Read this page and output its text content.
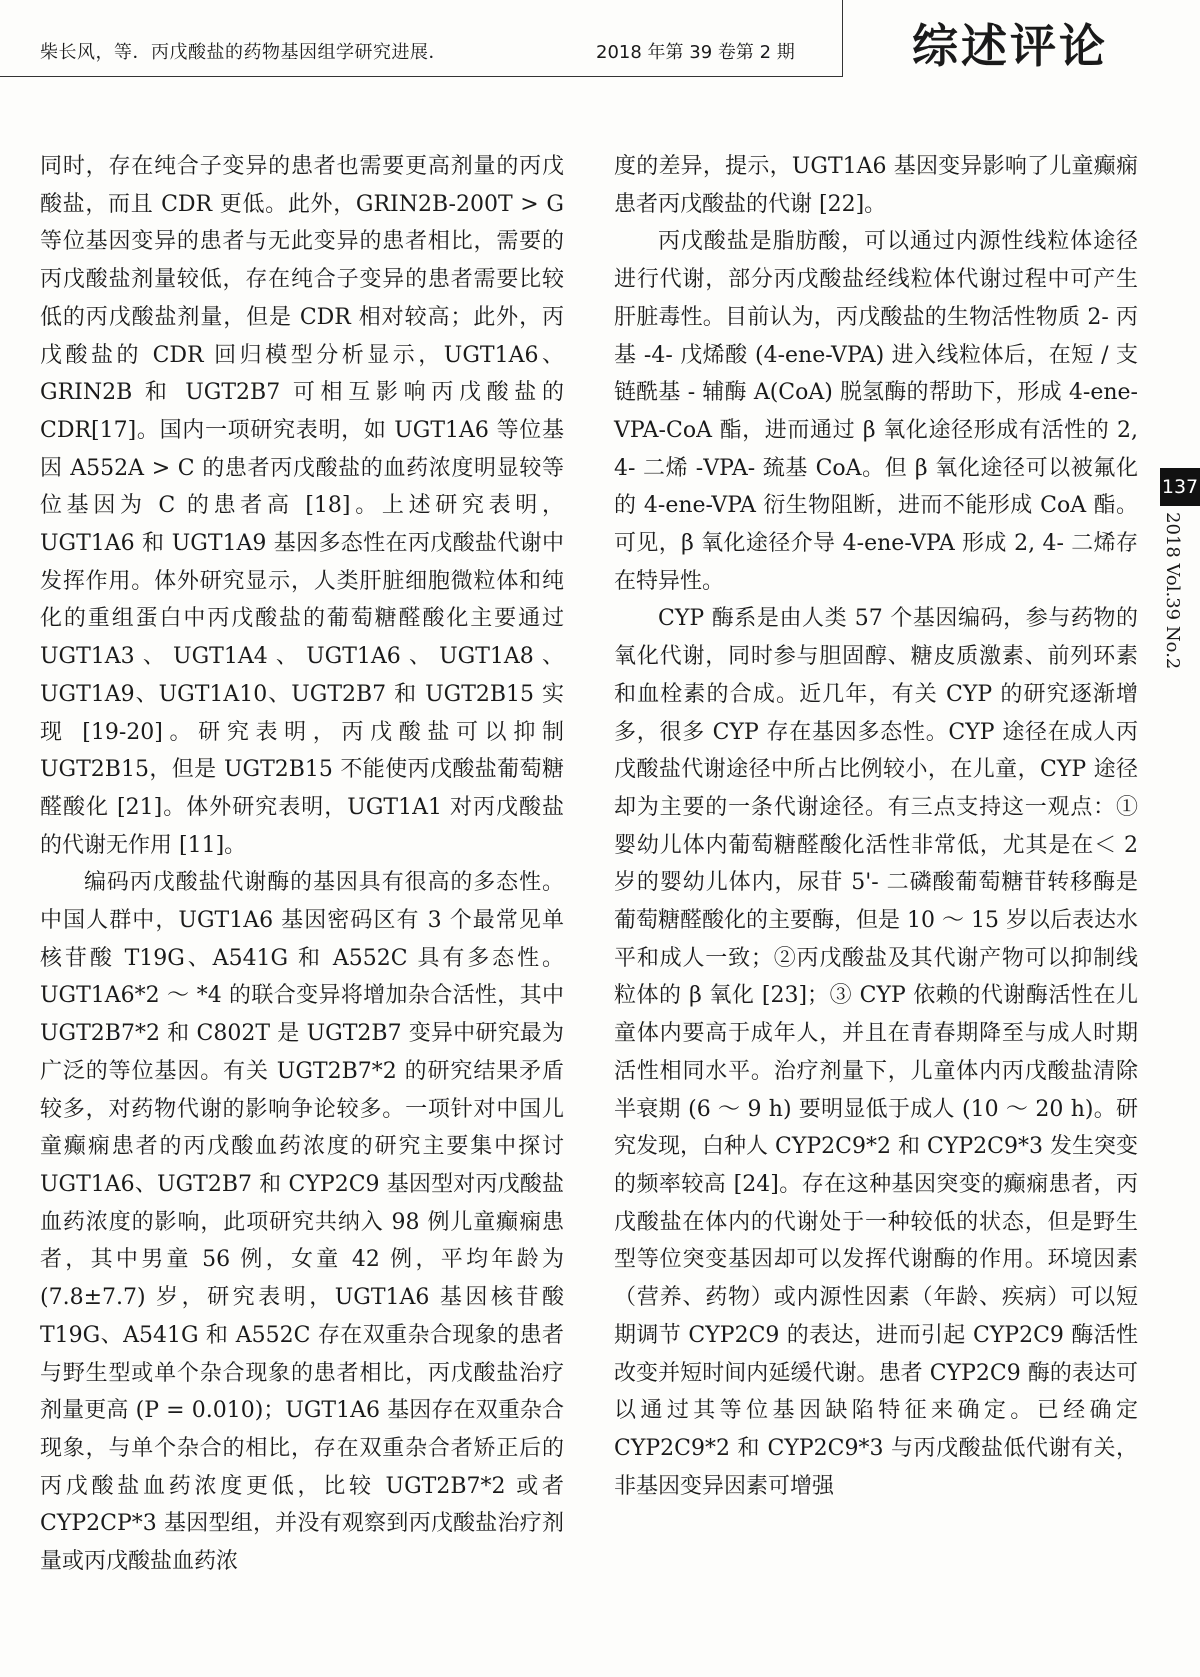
柴长风，等．丙戊酸盐的药物基因组学研究进展．	2018 年第 39 卷第 2 期	综述评论

同时，存在纯合子变异的患者也需要更高剂量的丙戊酸盐，而且 CDR 更低。此外，GRIN2B-200T > G 等位基因变异的患者与无此变异的患者相比，需要的丙戊酸盐剂量较低，存在纯合子变异的患者需要比较低的丙戊酸盐剂量，但是 CDR 相对较高；此外，丙戊酸盐的 CDR 回归模型分析显示，UGT1A6、GRIN2B 和 UGT2B7 可相互影响丙戊酸盐的 CDR[17]。国内一项研究表明，如 UGT1A6 等位基因 A552A > C 的患者丙戊酸盐的血药浓度明显较等位基因为 C 的患者高 [18]。上述研究表明，UGT1A6 和 UGT1A9 基因多态性在丙戊酸盐代谢中发挥作用。体外研究显示，人类肝脏细胞微粒体和纯化的重组蛋白中丙戊酸盐的葡萄糖醛酸化主要通过 UGT1A3、UGT1A4、UGT1A6、UGT1A8、UGT1A9、UGT1A10、UGT2B7 和 UGT2B15 实现 [19-20]。研究表明，丙戊酸盐可以抑制 UGT2B15，但是 UGT2B15 不能使丙戊酸盐葡萄糖醛酸化 [21]。体外研究表明，UGT1A1 对丙戊酸盐的代谢无作用 [11]。

编码丙戊酸盐代谢酶的基因具有很高的多态性。中国人群中，UGT1A6 基因密码区有 3 个最常见单核苷酸 T19G、A541G 和 A552C 具有多态性。UGT1A6*2 ～ *4 的联合变异将增加杂合活性，其中 UGT2B7*2 和 C802T 是 UGT2B7 变异中研究最为广泛的等位基因。有关 UGT2B7*2 的研究结果矛盾较多，对药物代谢的影响争论较多。一项针对中国儿童癫痫患者的丙戊酸血药浓度的研究主要集中探讨 UGT1A6、UGT2B7 和 CYP2C9 基因型对丙戊酸盐血药浓度的影响，此项研究共纳入 98 例儿童癫痫患者，其中男童 56 例，女童 42 例，平均年龄为 (7.8±7.7) 岁，研究表明，UGT1A6 基因核苷酸 T19G、A541G 和 A552C 存在双重杂合现象的患者与野生型或单个杂合现象的患者相比，丙戊酸盐治疗剂量更高 (P = 0.010)；UGT1A6 基因存在双重杂合现象，与单个杂合的相比，存在双重杂合者矫正后的丙戊酸盐血药浓度更低，比较 UGT2B7*2 或者 CYP2CP*3 基因型组，并没有观察到丙戊酸盐治疗剂量或丙戊酸盐血药浓

度的差异，提示，UGT1A6 基因变异影响了儿童癫痫患者丙戊酸盐的代谢 [22]。

丙戊酸盐是脂肪酸，可以通过内源性线粒体途径进行代谢，部分丙戊酸盐经线粒体代谢过程中可产生肝脏毒性。目前认为，丙戊酸盐的生物活性物质 2- 丙基 -4- 戊烯酸 (4-ene-VPA) 进入线粒体后，在短 / 支链酰基 - 辅酶 A(CoA) 脱氢酶的帮助下，形成 4-ene-VPA-CoA 酯，进而通过 β 氧化途径形成有活性的 2, 4- 二烯 -VPA- 巯基 CoA。但 β 氧化途径可以被氟化的 4-ene-VPA 衍生物阻断，进而不能形成 CoA 酯。可见，β 氧化途径介导 4-ene-VPA 形成 2, 4- 二烯存在特异性。

CYP 酶系是由人类 57 个基因编码，参与药物的氧化代谢，同时参与胆固醇、糖皮质激素、前列环素和血栓素的合成。近几年，有关 CYP 的研究逐渐增多，很多 CYP 存在基因多态性。CYP 途径在成人丙戊酸盐代谢途径中所占比例较小，在儿童，CYP 途径却为主要的一条代谢途径。有三点支持这一观点：①婴幼儿体内葡萄糖醛酸化活性非常低，尤其是在＜ 2 岁的婴幼儿体内，尿苷 5'- 二磷酸葡萄糖苷转移酶是葡萄糖醛酸化的主要酶，但是 10 ～ 15 岁以后表达水平和成人一致；②丙戊酸盐及其代谢产物可以抑制线粒体的 β 氧化 [23]；③ CYP 依赖的代谢酶活性在儿童体内要高于成年人，并且在青春期降至与成人时期活性相同水平。治疗剂量下，儿童体内丙戊酸盐清除半衰期 (6 ～ 9 h) 要明显低于成人 (10 ～ 20 h)。研究发现，白种人 CYP2C9*2 和 CYP2C9*3 发生突变的频率较高 [24]。存在这种基因突变的癫痫患者，丙戊酸盐在体内的代谢处于一种较低的状态，但是野生型等位突变基因却可以发挥代谢酶的作用。环境因素（营养、药物）或内源性因素（年龄、疾病）可以短期调节 CYP2C9 的表达，进而引起 CYP2C9 酶活性改变并短时间内延缓代谢。患者 CYP2C9 酶的表达可以通过其等位基因缺陷特征来确定。已经确定 CYP2C9*2 和 CYP2C9*3 与丙戊酸盐低代谢有关，非基因变异因素可增强

137
2018 Vol.39 No.2
